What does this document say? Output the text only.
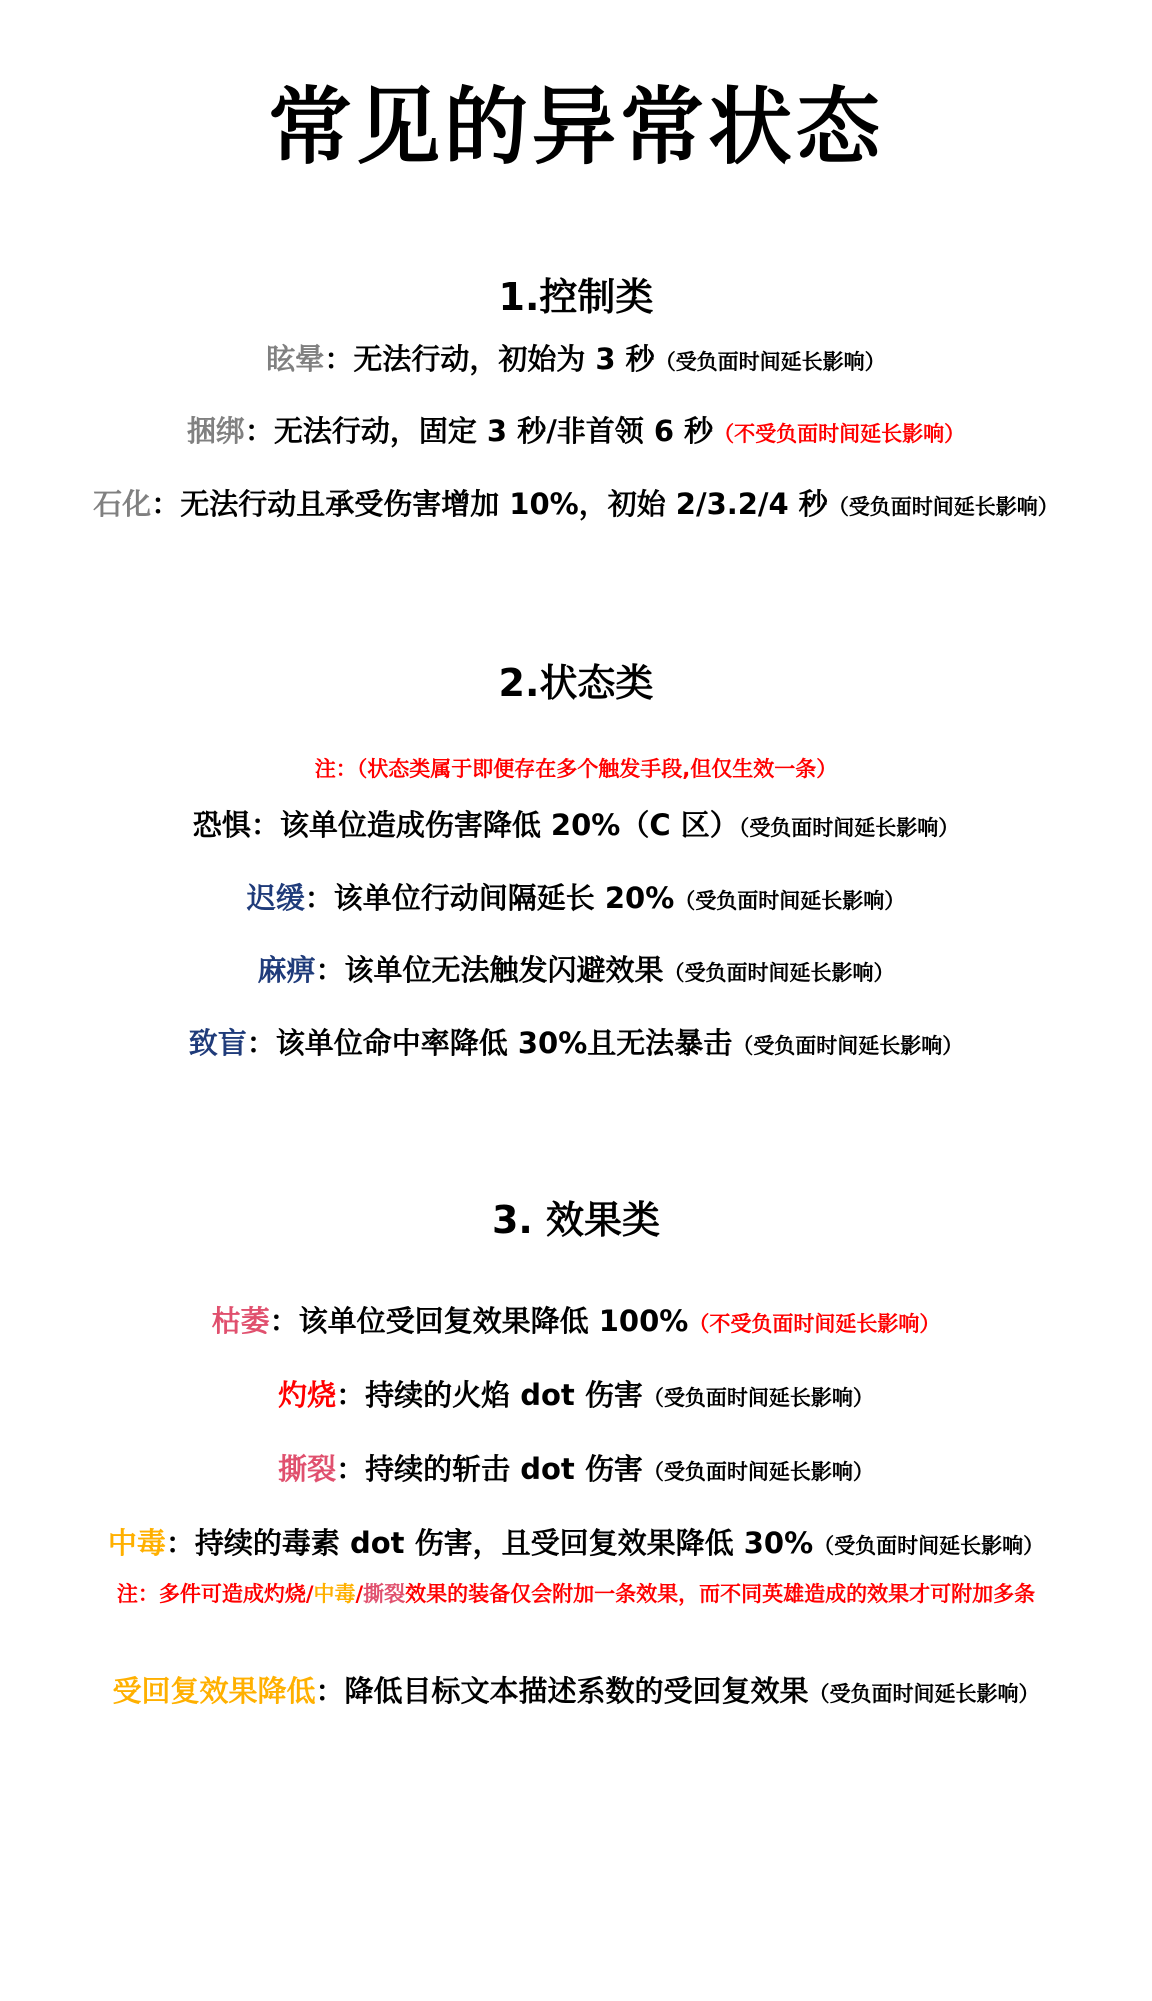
常见的异常状态
1.控制类
眩晕：无法行动，初始为 3 秒（受负面时间延长影响）
捆绑：无法行动，固定 3 秒/非首领 6 秒（不受负面时间延长影响）
石化：无法行动且承受伤害增加 10%，初始 2/3.2/4 秒（受负面时间延长影响）
2.状态类
注：（状态类属于即便存在多个触发手段,但仅生效一条）
恐惧：该单位造成伤害降低 20%（C 区）（受负面时间延长影响）
迟缓：该单位行动间隔延长 20%（受负面时间延长影响）
麻痹：该单位无法触发闪避效果（受负面时间延长影响）
致盲：该单位命中率降低 30%且无法暴击（受负面时间延长影响）
3. 效果类
枯萎：该单位受回复效果降低 100%（不受负面时间延长影响）
灼烧：持续的火焰 dot 伤害（受负面时间延长影响）
撕裂：持续的斩击 dot 伤害（受负面时间延长影响）
中毒：持续的毒素 dot 伤害，且受回复效果降低 30%（受负面时间延长影响）
注：多件可造成灼烧/中毒/撕裂效果的装备仅会附加一条效果，而不同英雄造成的效果才可附加多条
受回复效果降低：降低目标文本描述系数的受回复效果（受负面时间延长影响）
